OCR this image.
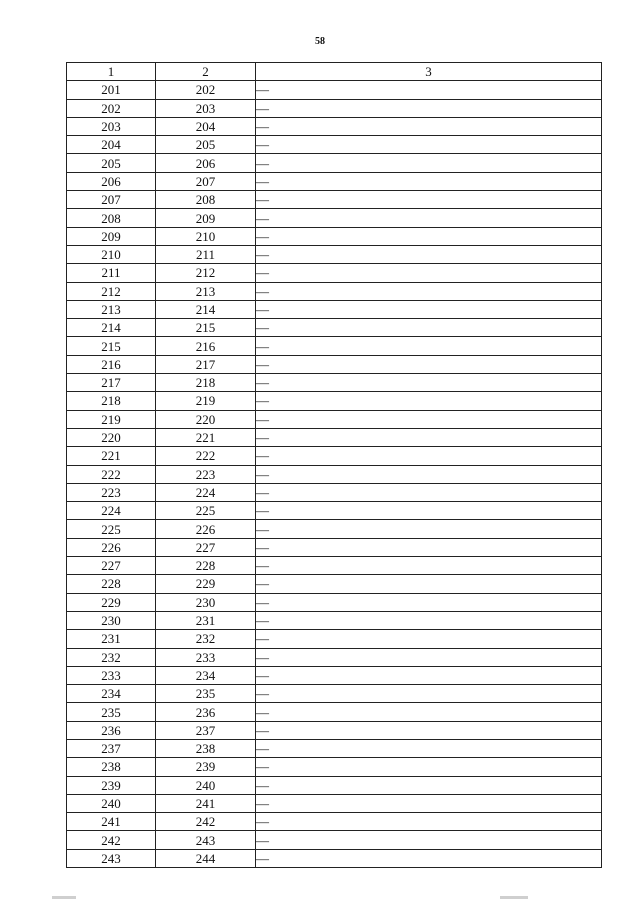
58
1	2	3
201	202	—
202	203	—
203	204	—
204	205	—
205	206	—
206	207	—
207	208	—
208	209	—
209	210	—
210	211	—
211	212	—
212	213	—
213	214	—
214	215	—
215	216	—
216	217	—
217	218	—
218	219	—
219	220	—
220	221	—
221	222	—
222	223	—
223	224	—
224	225	—
225	226	—
226	227	—
227	228	—
228	229	—
229	230	—
230	231	—
231	232	—
232	233	—
233	234	—
234	235	—
235	236	—
236	237	—
237	238	—
238	239	—
239	240	—
240	241	—
241	242	—
242	243	—
243	244	—
